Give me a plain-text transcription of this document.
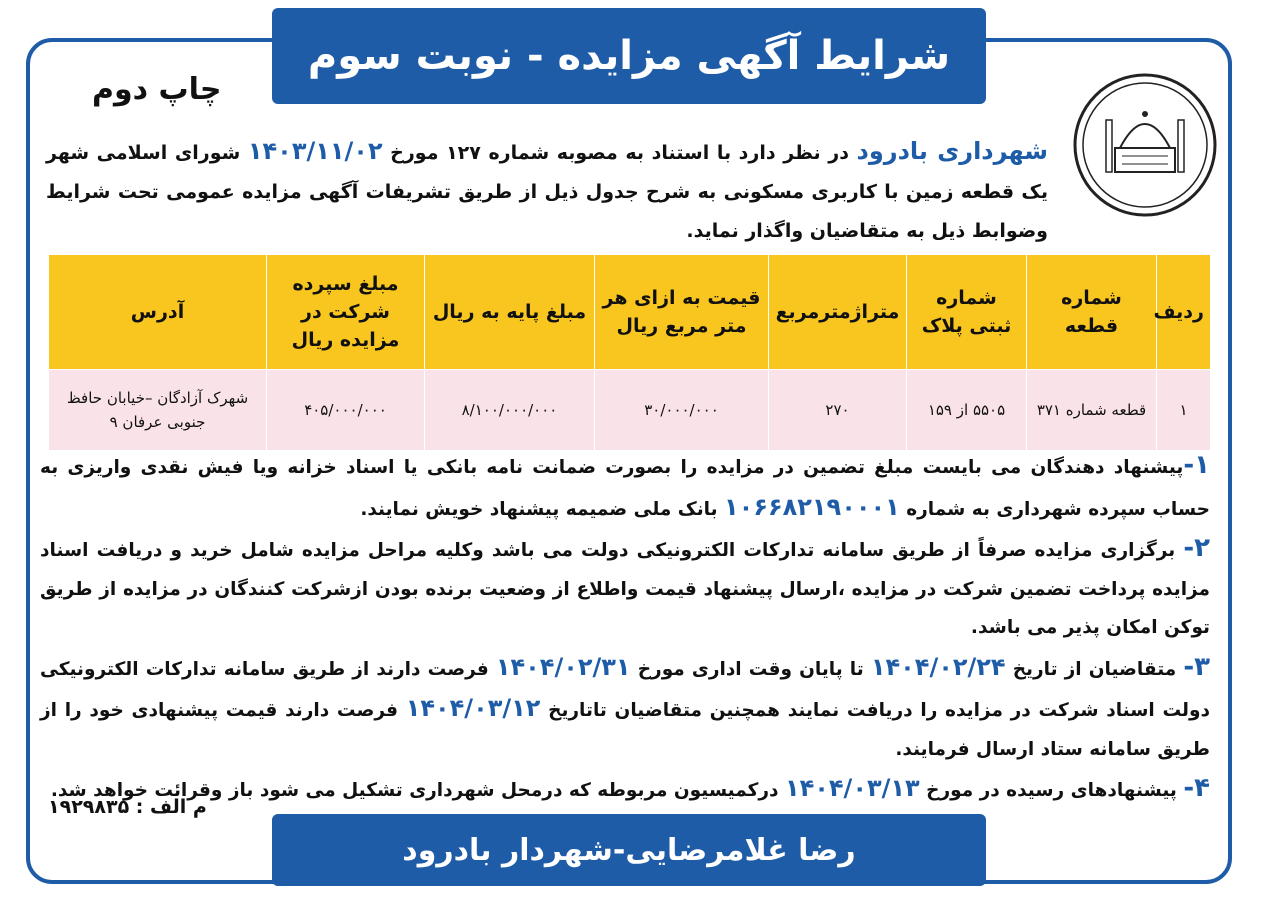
شرایط آگهی مزایده - نوبت سوم
چاپ دوم
شهرداری بادرود در نظر دارد با استناد به مصوبه شماره ۱۲۷ مورخ ۱۴۰۳/۱۱/۰۲ شورای اسلامی شهر یک قطعه زمین با کاربری مسکونی به شرح جدول ذیل از طریق تشریفات آگهی مزایده عمومی تحت شرایط وضوابط ذیل به متقاضیان واگذار نماید.
ردیف	شماره قطعه	شماره ثبتی پلاک	متراژمترمربع	قیمت به ازای هر متر مربع ریال	مبلغ پایه به ریال	مبلغ سپرده شرکت در مزایده ریال	آدرس
۱	قطعه شماره ۳۷۱	۵۵۰۵ از ۱۵۹	۲۷۰	۳۰/۰۰۰/۰۰۰	۸/۱۰۰/۰۰۰/۰۰۰	۴۰۵/۰۰۰/۰۰۰	شهرک آزادگان –خیابان حافظ جنوبی عرفان ۹

۱-پیشنهاد دهندگان می بایست مبلغ تضمین در مزایده را بصورت ضمانت نامه بانکی یا اسناد خزانه ویا فیش نقدی واریزی به حساب سپرده شهرداری به شماره ۱۰۶۶۸۲۱۹۰۰۰۱ بانک ملی ضمیمه پیشنهاد خویش نمایند.

۲- برگزاری مزایده صرفاً از طریق سامانه تدارکات الکترونیکی دولت می باشد وکلیه مراحل مزایده شامل خرید و دریافت اسناد مزایده پرداخت تضمین شرکت در مزایده ،ارسال پیشنهاد قیمت واطلاع از وضعیت برنده بودن ازشرکت کنندگان در مزایده از طریق توکن امکان پذیر می باشد.

۳- متقاضیان از تاریخ ۱۴۰۴/۰۲/۲۴ تا پایان وقت اداری مورخ ۱۴۰۴/۰۲/۳۱ فرصت دارند از طریق سامانه تدارکات الکترونیکی دولت اسناد شرکت در مزایده را دریافت نمایند همچنین متقاضیان تاتاریخ ۱۴۰۴/۰۳/۱۲ فرصت دارند قیمت پیشنهادی خود را از طریق سامانه ستاد ارسال فرمایند.

۴- پیشنهادهای رسیده در مورخ ۱۴۰۴/۰۳/۱۳ درکمیسیون مربوطه که درمحل شهرداری تشکیل می شود باز وقرائت خواهد شد.

م الف : ۱۹۲۹۸۳۵
رضا غلامرضایی-شهردار بادرود
